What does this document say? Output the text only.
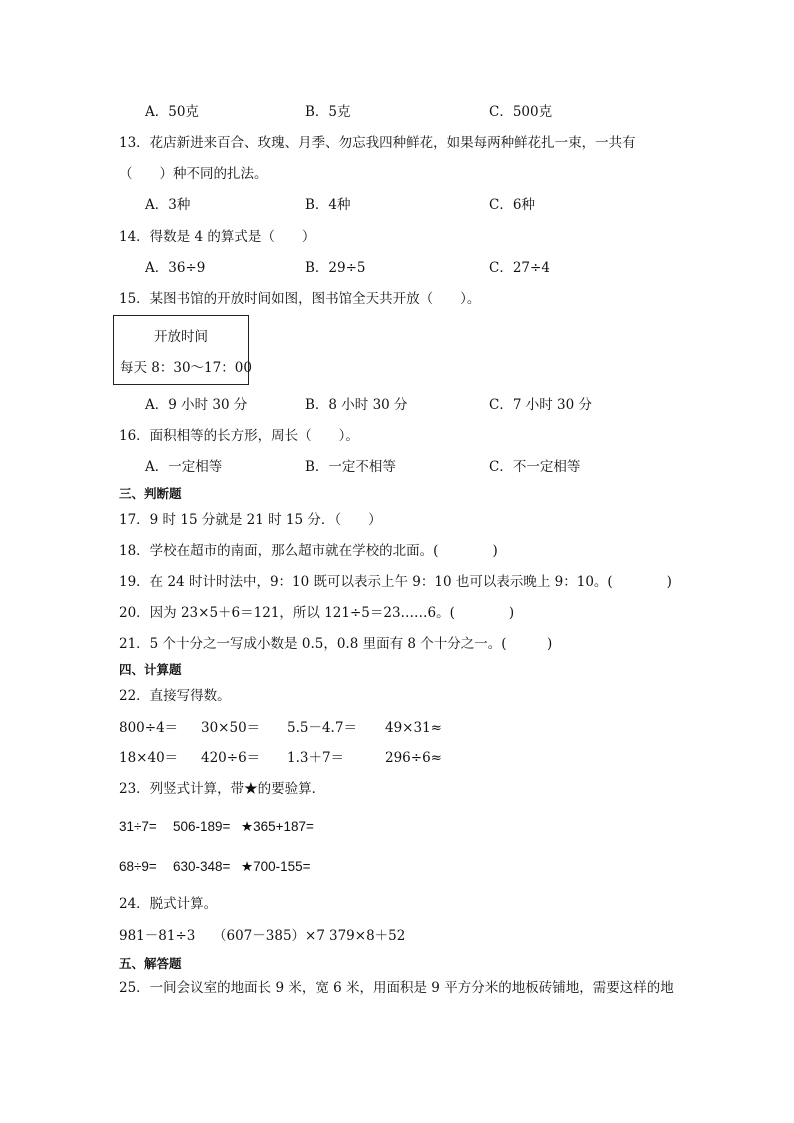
A．50克	B．5克	C．500克
13．花店新进来百合、玫瑰、月季、勿忘我四种鲜花，如果每两种鲜花扎一束，一共有
（　　）种不同的扎法。
A．3种	B．4种	C．6种
14．得数是 4 的算式是（　　）
A．36÷9	B．29÷5	C．27÷4
15．某图书馆的开放时间如图，图书馆全天共开放（　　）。
开放时间
每天 8：30～17：00
A．9 小时 30 分	B．8 小时 30 分	C．7 小时 30 分
16．面积相等的长方形，周长（　　）。
A．一定相等	B．一定不相等	C．不一定相等
三、判断题
17．9 时 15 分就是 21 时 15 分．（　　）
18．学校在超市的南面，那么超市就在学校的北面。(　　　　)
19．在 24 时计时法中，9：10 既可以表示上午 9：10 也可以表示晚上 9：10。(　　　　)
20．因为 23×5＋6＝121，所以 121÷5＝23……6。(　　　　)
21．5 个十分之一写成小数是 0.5，0.8 里面有 8 个十分之一。(　　　)
四、计算题
22．直接写得数。
800÷4＝ 30×50＝ 5.5－4.7＝ 49×31≈
18×40＝ 420÷6＝ 1.3＋7＝	296÷6≈
23．列竖式计算，带★的要验算．
31÷7= 506-189= ★365+187=
68÷9= 630-348= ★700-155=
24．脱式计算。
981－81÷3 （607－385）×7 379×8＋52
五、解答题
25．一间会议室的地面长 9 米，宽 6 米，用面积是 9 平方分米的地板砖铺地，需要这样的地
